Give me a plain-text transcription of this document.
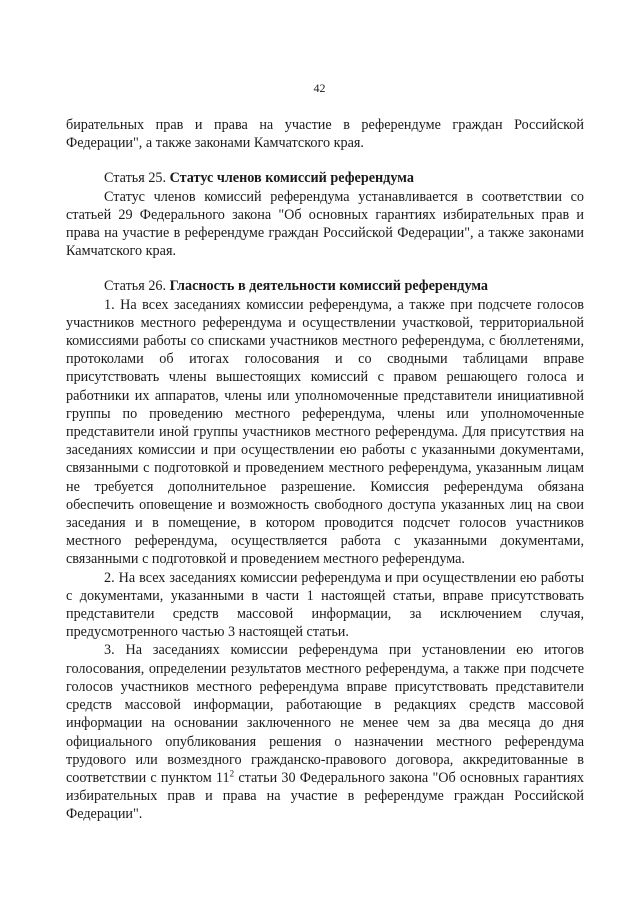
42

бирательных прав и права на участие в референдуме граждан Российской Федерации", а также законами Камчатского края.

Статья 25. Статус членов комиссий референдума

Статус членов комиссий референдума устанавливается в соответствии со статьей 29 Федерального закона "Об основных гарантиях избирательных прав и права на участие в референдуме граждан Российской Федерации", а также законами Камчатского края.

Статья 26. Гласность в деятельности комиссий референдума

1. На всех заседаниях комиссии референдума, а также при подсчете голосов участников местного референдума и осуществлении участковой, территориальной комиссиями работы со списками участников местного референдума, с бюллетенями, протоколами об итогах голосования и со сводными таблицами вправе присутствовать члены вышестоящих комиссий с правом решающего голоса и работники их аппаратов, члены или уполномоченные представители инициативной группы по проведению местного референдума, члены или уполномоченные представители иной группы участников местного референдума. Для присутствия на заседаниях комиссии и при осуществлении ею работы с указанными документами, связанными с подготовкой и проведением местного референдума, указанным лицам не требуется дополнительное разрешение. Комиссия референдума обязана обеспечить оповещение и возможность свободного доступа указанных лиц на свои заседания и в помещение, в котором проводится подсчет голосов участников местного референдума, осуществляется работа с указанными документами, связанными с подготовкой и проведением местного референдума.

2. На всех заседаниях комиссии референдума и при осуществлении ею работы с документами, указанными в части 1 настоящей статьи, вправе присутствовать представители средств массовой информации, за исключением случая, предусмотренного частью 3 настоящей статьи.

3. На заседаниях комиссии референдума при установлении ею итогов голосования, определении результатов местного референдума, а также при подсчете голосов участников местного референдума вправе присутствовать представители средств массовой информации, работающие в редакциях средств массовой информации на основании заключенного не менее чем за два месяца до дня официального опубликования решения о назначении местного референдума трудового или возмездного гражданско-правового договора, аккредитованные в соответствии с пунктом $11^2$ статьи 30 Федерального закона "Об основных гарантиях избирательных прав и права на участие в референдуме граждан Российской Федерации".
